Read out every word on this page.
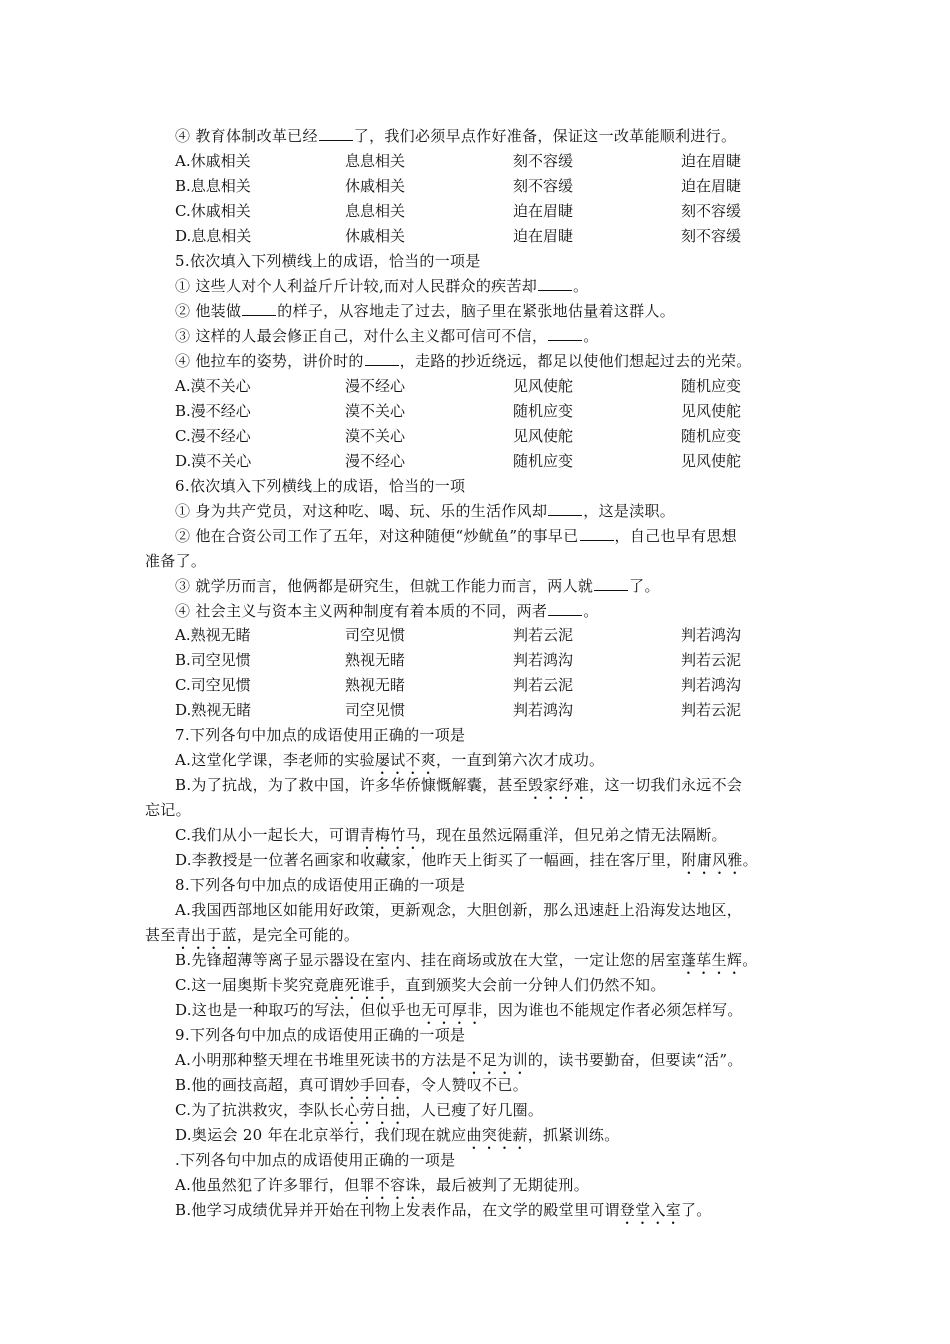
④ 教育体制改革已经 了，我们必须早点作好准备，保证这一改革能顺利进行。
A.休戚相关	息息相关	刻不容缓	迫在眉睫
B.息息相关	休戚相关	刻不容缓	迫在眉睫
C.休戚相关	息息相关	迫在眉睫	刻不容缓
D.息息相关	休戚相关	迫在眉睫	刻不容缓
5.依次填入下列横线上的成语，恰当的一项是
① 这些人对个人利益斤斤计较,而对人民群众的疾苦却 。
② 他装做 的样子，从容地走了过去，脑子里在紧张地估量着这群人。
③ 这样的人最会修正自己，对什么主义都可信可不信， 。
④ 他拉车的姿势，讲价时的 ，走路的抄近绕远，都足以使他们想起过去的光荣。
A.漠不关心	漫不经心	见风使舵	随机应变
B.漫不经心	漠不关心	随机应变	见风使舵
C.漫不经心	漠不关心	见风使舵	随机应变
D.漠不关心	漫不经心	随机应变	见风使舵
6.依次填入下列横线上的成语，恰当的一项
① 身为共产党员，对这种吃、喝、玩、乐的生活作风却 ，这是渎职。
② 他在合资公司工作了五年，对这种随便“炒鱿鱼”的事早已 ，自己也早有思想
准备了。
③ 就学历而言，他俩都是研究生，但就工作能力而言，两人就 了。
④ 社会主义与资本主义两种制度有着本质的不同，两者 。
A.熟视无睹	司空见惯	判若云泥	判若鸿沟
B.司空见惯	熟视无睹	判若鸿沟	判若云泥
C.司空见惯	熟视无睹	判若云泥	判若鸿沟
D.熟视无睹	司空见惯	判若鸿沟	判若云泥
7.下列各句中加点的成语使用正确的一项是
A.这堂化学课，李老师的实验屡试不爽，一直到第六次才成功。
B.为了抗战，为了救中国，许多华侨慷慨解囊，甚至毁家纾难，这一切我们永远不会
忘记。
C.我们从小一起长大，可谓青梅竹马，现在虽然远隔重洋，但兄弟之情无法隔断。
D.李教授是一位著名画家和收藏家，他昨天上街买了一幅画，挂在客厅里，附庸风雅。
8.下列各句中加点的成语使用正确的一项是
A.我国西部地区如能用好政策，更新观念，大胆创新，那么迅速赶上沿海发达地区，
甚至青出于蓝，是完全可能的。
B.先锋超薄等离子显示器设在室内、挂在商场或放在大堂，一定让您的居室蓬荜生辉。
C.这一届奥斯卡奖究竟鹿死谁手，直到颁奖大会前一分钟人们仍然不知。
D.这也是一种取巧的写法，但似乎也无可厚非，因为谁也不能规定作者必须怎样写。
9.下列各句中加点的成语使用正确的一项是
A.小明那种整天埋在书堆里死读书的方法是不足为训的，读书要勤奋，但要读“活”。
B.他的画技高超，真可谓妙手回春，令人赞叹不已。
C.为了抗洪救灾，李队长心劳日拙，人已瘦了好几圈。
D.奥运会 20 年在北京举行，我们现在就应曲突徙薪，抓紧训练。
.下列各句中加点的成语使用正确的一项是
A.他虽然犯了许多罪行，但罪不容诛，最后被判了无期徒刑。
B.他学习成绩优异并开始在刊物上发表作品，在文学的殿堂里可谓登堂入室了。
